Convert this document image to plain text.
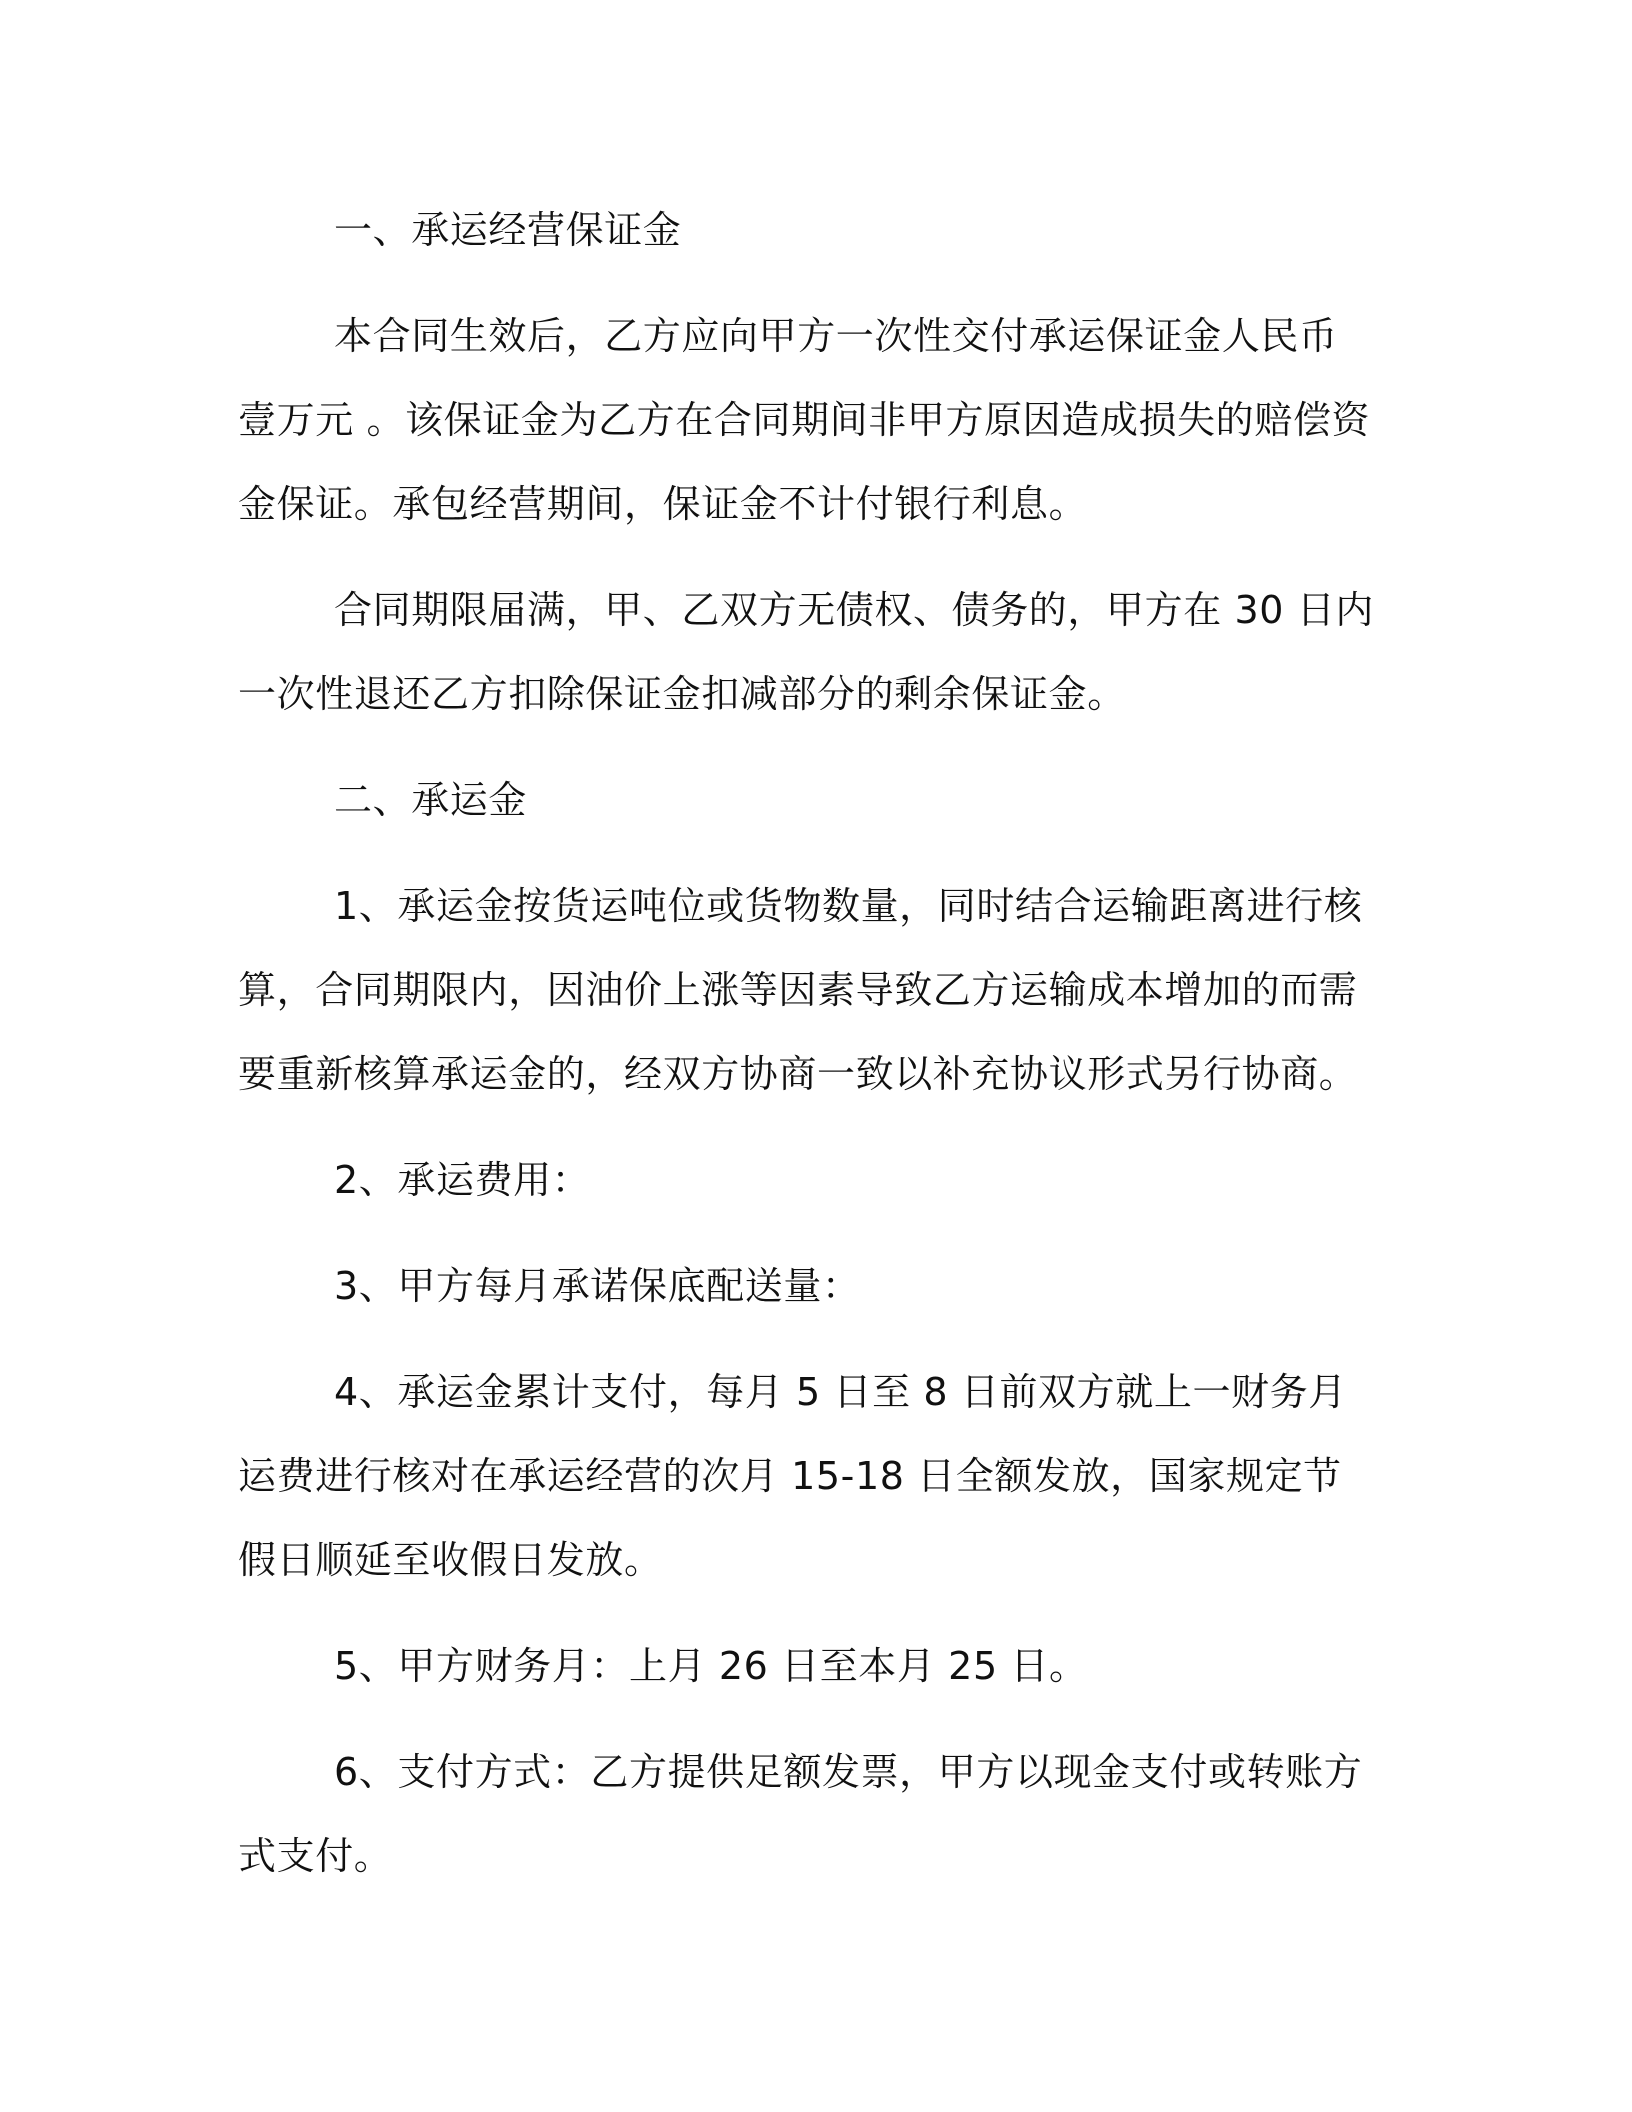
一、承运经营保证金

本合同生效后，乙方应向甲方一次性交付承运保证金人民币 壹万元 。该保证金为乙方在合同期间非甲方原因造成损失的赔偿资金保证。承包经营期间，保证金不计付银行利息。

合同期限届满，甲、乙双方无债权、债务的，甲方在 30 日内一次性退还乙方扣除保证金扣减部分的剩余保证金。

二、承运金

1、承运金按货运吨位或货物数量，同时结合运输距离进行核算，合同期限内，因油价上涨等因素导致乙方运输成本增加的而需要重新核算承运金的，经双方协商一致以补充协议形式另行协商。

2、承运费用：

3、甲方每月承诺保底配送量：

4、承运金累计支付，每月 5 日至 8 日前双方就上一财务月运费进行核对在承运经营的次月 15-18 日全额发放，国家规定节假日顺延至收假日发放。

5、甲方财务月：上月 26 日至本月 25 日。

6、支付方式：乙方提供足额发票，甲方以现金支付或转账方式支付。
